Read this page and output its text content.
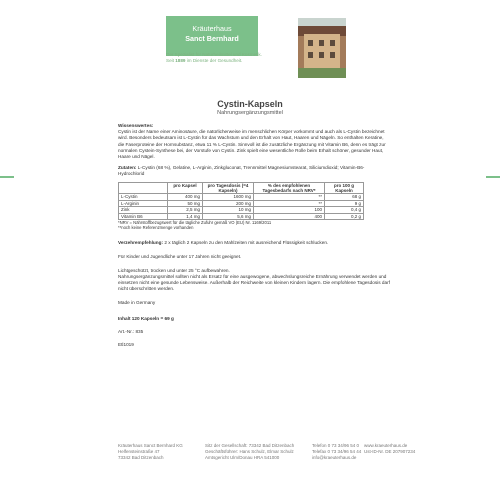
Kräuterhaus
Sanct Bernhard
Der Spezialist für Naturheilmittel und Kosmetik.
Seit 1889 im Dienste der Gesundheit.
Cystin-Kapseln
Nahrungsergänzungsmittel

Wissenswertes:

Cystin ist der Name einer Aminosäure, die natürlicherweise im menschlichen Körper vorkommt und auch als L-Cystin bezeichnet wird. Besonders bedeutsam ist L-Cystin für das Wachstum und den Erhalt von Haut, Haaren und Nägeln. So enthalten Keratine, die Faserproteine der Hornsubstanz, etwa 11 % L-Cystin. Sinnvoll ist die zusätzliche Ergänzung mit Vitamin B6, denn es trägt zur normalen Cystein-Synthese bei, der Vorstufe von Cystin. Zink spielt eine wesentliche Rolle beim Erhalt schöner, gesunder Haut, Haare und Nägel.

Zutaten: L-Cystin (68 %), Gelatine, L-Arginin, Zinkgluconat, Trennmittel Magnesiumstearat, Siliciumdioxid; Vitamin-B6-Hydrochlorid

	pro Kapsel	pro Tagesdosis (=4 Kapseln)	% des empfohlenen Tagesbedarfs nach NRV*	pro 100 g Kapseln
L-Cystin	400 mg	1600 mg	**	68 g
L-Arginin	50 mg	200 mg	**	9 g
Zink	2,5 mg	10 mg	100	0,4 g
Vitamin B6	1,4 mg	5,6 mg	400	0,2 g

*NRV = Nährstoffbezugswert für die tägliche Zufuhr gemäß VO (EU) Nr. 1169/2011

**noch keine Referenzmenge vorhanden

Verzehrempfehlung: 2 x täglich 2 Kapseln zu den Mahlzeiten mit ausreichend Flüssigkeit schlucken.

Für Kinder und Jugendliche unter 17 Jahren nicht geeignet.

Lichtgeschützt, trocken und unter 25 °C aufbewahren.

Nahrungsergänzungsmittel sollten nicht als Ersatz für eine ausgewogene, abwechslungsreiche Ernährung verwendet werden und einsetzen nicht eine gesunde Lebensweise. Außerhalb der Reichweite von kleinen Kindern lagern. Die empfohlene Tagesdosis darf nicht überschritten werden.

Made in Germany

Inhalt 120 Kapseln = 69 g

Art.-Nr.: 835

Etl1019

Kräuterhaus Sanct Bernhard KG
Helfensteinstraße 47
73342 Bad Ditzenbach
Sitz der Gesellschaft: 73342 Bad Ditzenbach
Geschäftsführer: Hans Schulz, Elmar Schulz
Amtsgericht Ulm/Donau HRA 541000
Telefon 0 73 34/96 54 0
Telefax 0 73 34/96 54 44
info@kraeuterhaus.de
www.kraeuterhaus.de
Ust-ID-Nr. DE 207907234
